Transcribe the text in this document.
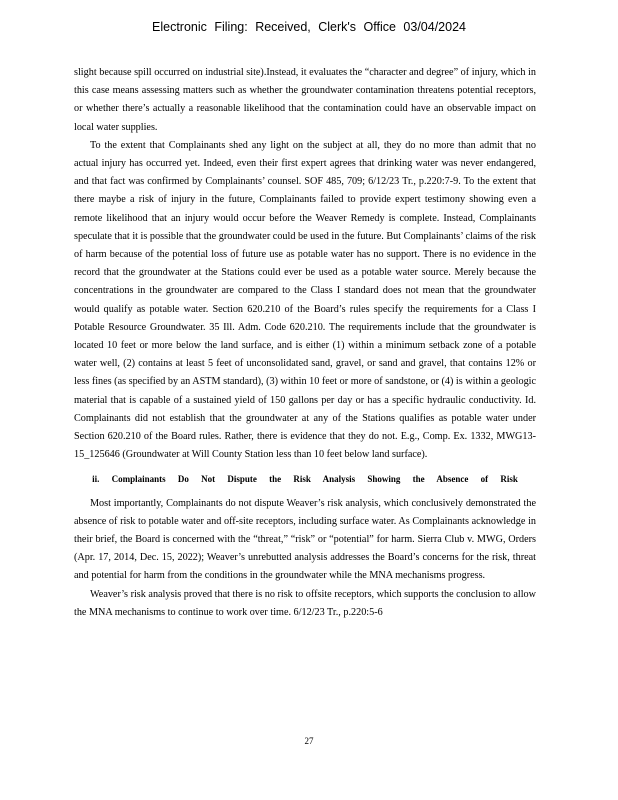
Electronic Filing: Received, Clerk's Office 03/04/2024

slight because spill occurred on industrial site).Instead, it evaluates the “character and degree” of injury, which in this case means assessing matters such as whether the groundwater contamination threatens potential receptors, or whether there’s actually a reasonable likelihood that the contamination could have an observable impact on local water supplies.

To the extent that Complainants shed any light on the subject at all, they do no more than admit that no actual injury has occurred yet. Indeed, even their first expert agrees that drinking water was never endangered, and that fact was confirmed by Complainants’ counsel. SOF 485, 709; 6/12/23 Tr., p.220:7-9. To the extent that there maybe a risk of injury in the future, Complainants failed to provide expert testimony showing even a remote likelihood that an injury would occur before the Weaver Remedy is complete. Instead, Complainants speculate that it is possible that the groundwater could be used in the future. But Complainants’ claims of the risk of harm because of the potential loss of future use as potable water has no support. There is no evidence in the record that the groundwater at the Stations could ever be used as a potable water source. Merely because the concentrations in the groundwater are compared to the Class I standard does not mean that the groundwater would qualify as potable water. Section 620.210 of the Board’s rules specify the requirements for a Class I Potable Resource Groundwater. 35 Ill. Adm. Code 620.210. The requirements include that the groundwater is located 10 feet or more below the land surface, and is either (1) within a minimum setback zone of a potable water well, (2) contains at least 5 feet of unconsolidated sand, gravel, or sand and gravel, that contains 12% or less fines (as specified by an ASTM standard), (3) within 10 feet or more of sandstone, or (4) is within a geologic material that is capable of a sustained yield of 150 gallons per day or has a specific hydraulic conductivity. Id. Complainants did not establish that the groundwater at any of the Stations qualifies as potable water under Section 620.210 of the Board rules. Rather, there is evidence that they do not. E.g., Comp. Ex. 1332, MWG13-15_125646 (Groundwater at Will County Station less than 10 feet below land surface).

ii. Complainants Do Not Dispute the Risk Analysis Showing the Absence of Risk

Most importantly, Complainants do not dispute Weaver’s risk analysis, which conclusively demonstrated the absence of risk to potable water and off-site receptors, including surface water. As Complainants acknowledge in their brief, the Board is concerned with the “threat,” “risk” or “potential” for harm. Sierra Club v. MWG, Orders (Apr. 17, 2014, Dec. 15, 2022); Weaver’s unrebutted analysis addresses the Board’s concerns for the risk, threat and potential for harm from the conditions in the groundwater while the MNA mechanisms progress.

Weaver’s risk analysis proved that there is no risk to offsite receptors, which supports the conclusion to allow the MNA mechanisms to continue to work over time. 6/12/23 Tr., p.220:5-6

27
